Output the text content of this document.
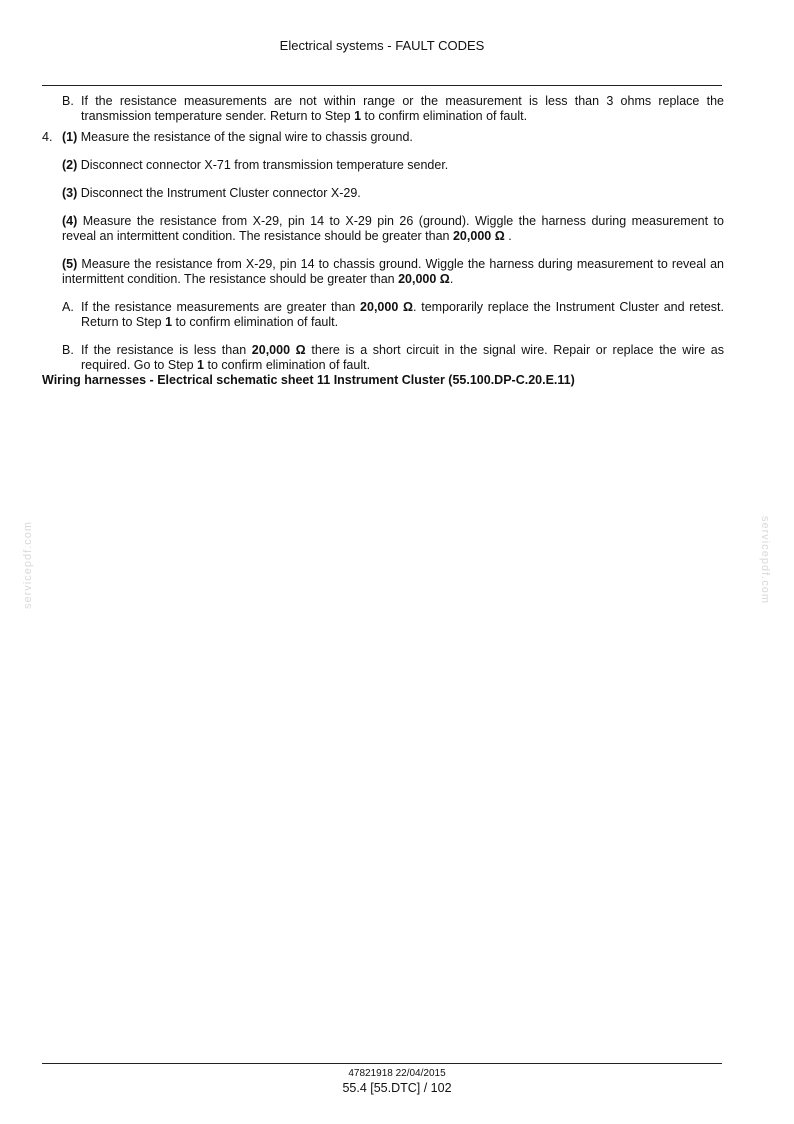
Electrical systems - FAULT CODES
B. If the resistance measurements are not within range or the measurement is less than 3 ohms replace the transmission temperature sender. Return to Step 1 to confirm elimination of fault.
4. (1) Measure the resistance of the signal wire to chassis ground.
(2) Disconnect connector X-71 from transmission temperature sender.
(3) Disconnect the Instrument Cluster connector X-29.
(4) Measure the resistance from X-29, pin 14 to X-29 pin 26 (ground). Wiggle the harness during measurement to reveal an intermittent condition. The resistance should be greater than 20,000 Ω .
(5) Measure the resistance from X-29, pin 14 to chassis ground. Wiggle the harness during measurement to reveal an intermittent condition. The resistance should be greater than 20,000 Ω.
A. If the resistance measurements are greater than 20,000 Ω. temporarily replace the Instrument Cluster and retest. Return to Step 1 to confirm elimination of fault.
B. If the resistance is less than 20,000 Ω there is a short circuit in the signal wire. Repair or replace the wire as required. Go to Step 1 to confirm elimination of fault.
Wiring harnesses - Electrical schematic sheet 11 Instrument Cluster (55.100.DP-C.20.E.11)
servicepdf.com	servicepdf.com
47821918 22/04/2015
55.4 [55.DTC] / 102
